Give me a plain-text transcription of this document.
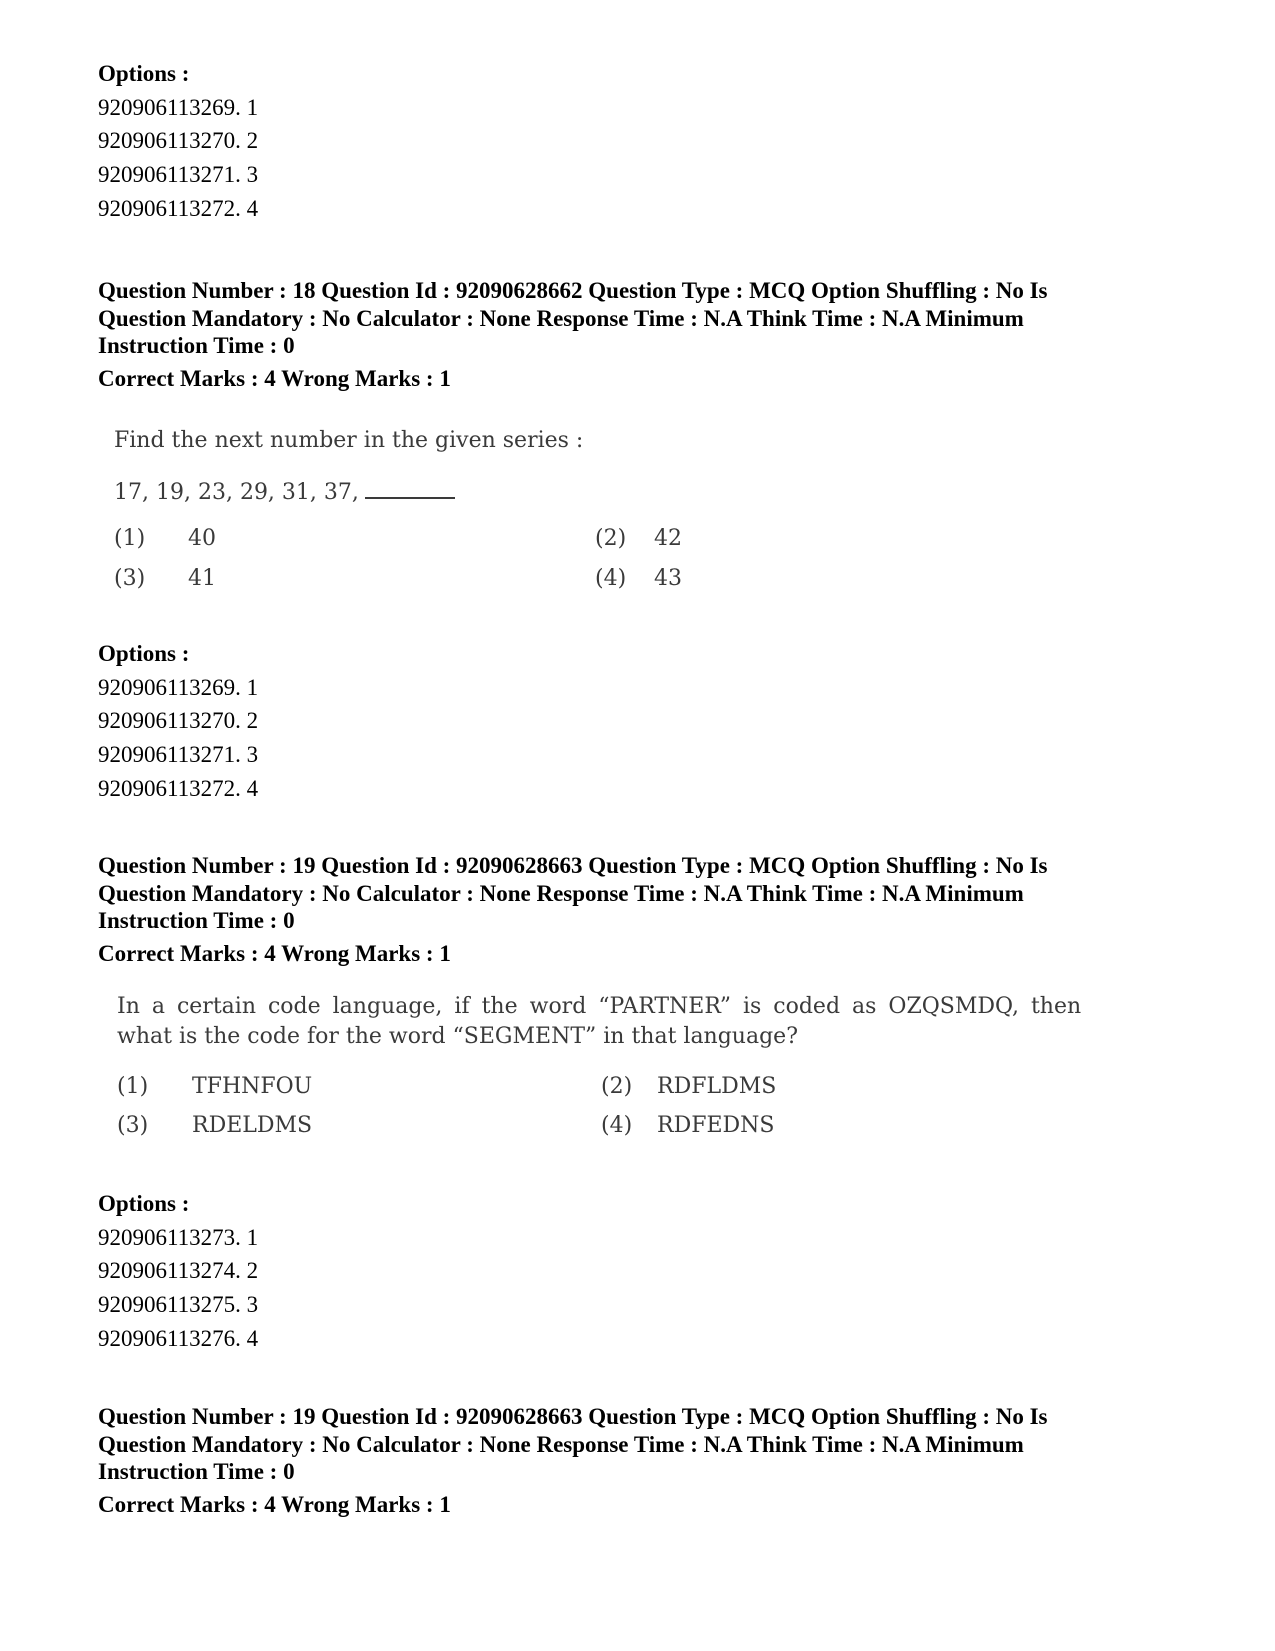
Options :
920906113269. 1
920906113270. 2
920906113271. 3
920906113272. 4
Question Number : 18 Question Id : 92090628662 Question Type : MCQ Option Shuffling : No Is
Question Mandatory : No Calculator : None Response Time : N.A Think Time : N.A Minimum
Instruction Time : 0
Correct Marks : 4 Wrong Marks : 1
Find the next number in the given series :
17, 19, 23, 29, 31, 37,
(1) 40	(2) 42
(3) 41	(4) 43
Options :
920906113269. 1
920906113270. 2
920906113271. 3
920906113272. 4
Question Number : 19 Question Id : 92090628663 Question Type : MCQ Option Shuffling : No Is
Question Mandatory : No Calculator : None Response Time : N.A Think Time : N.A Minimum
Instruction Time : 0
Correct Marks : 4 Wrong Marks : 1
In a certain code language, if the word “PARTNER” is coded as OZQSMDQ, then
what is the code for the word “SEGMENT” in that language?
(1) TFHNFOU	(2) RDFLDMS
(3) RDELDMS	(4) RDFEDNS
Options :
920906113273. 1
920906113274. 2
920906113275. 3
920906113276. 4
Question Number : 19 Question Id : 92090628663 Question Type : MCQ Option Shuffling : No Is
Question Mandatory : No Calculator : None Response Time : N.A Think Time : N.A Minimum
Instruction Time : 0
Correct Marks : 4 Wrong Marks : 1
